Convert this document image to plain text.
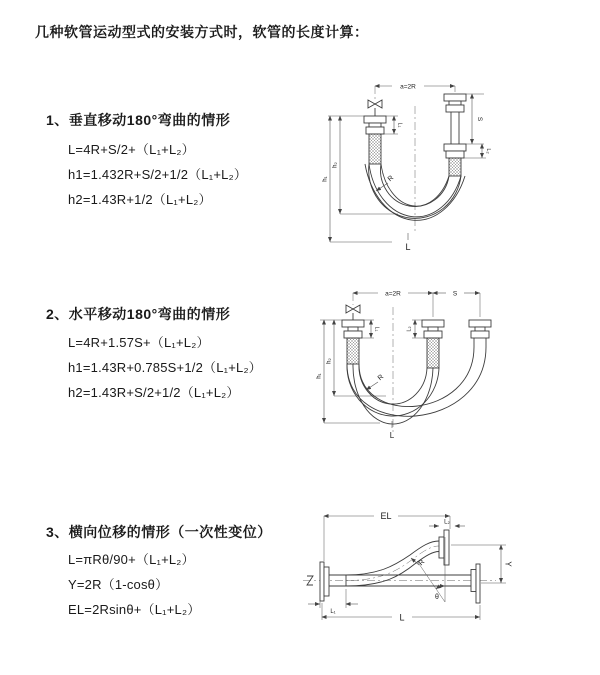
几种软管运动型式的安装方式时，软管的长度计算：
1、垂直移动180°弯曲的情形
L=4R+S/2+（L₁+L₂）
h1=1.432R+S/2+1/2（L₁+L₂）
h2=1.43R+1/2（L₁+L₂）
a=2R
S
L₂
L₁
h₂
h₁	R
L
2、水平移动180°弯曲的情形
L=4R+1.57S+（L₁+L₂）
h1=1.43R+0.785S+1/2（L₁+L₂）
h2=1.43R+S/2+1/2（L₁+L₂）
a=2R	S
L₁	L₂
h₂
h₁	R
L
3、横向位移的情形（一次性变位）
L=πRθ/90+（L₁+L₂）
Y=2R（1-cosθ）
EL=2Rsinθ+（L₁+L₂）
EL
L₂
Y
θ
R
L₁
L
